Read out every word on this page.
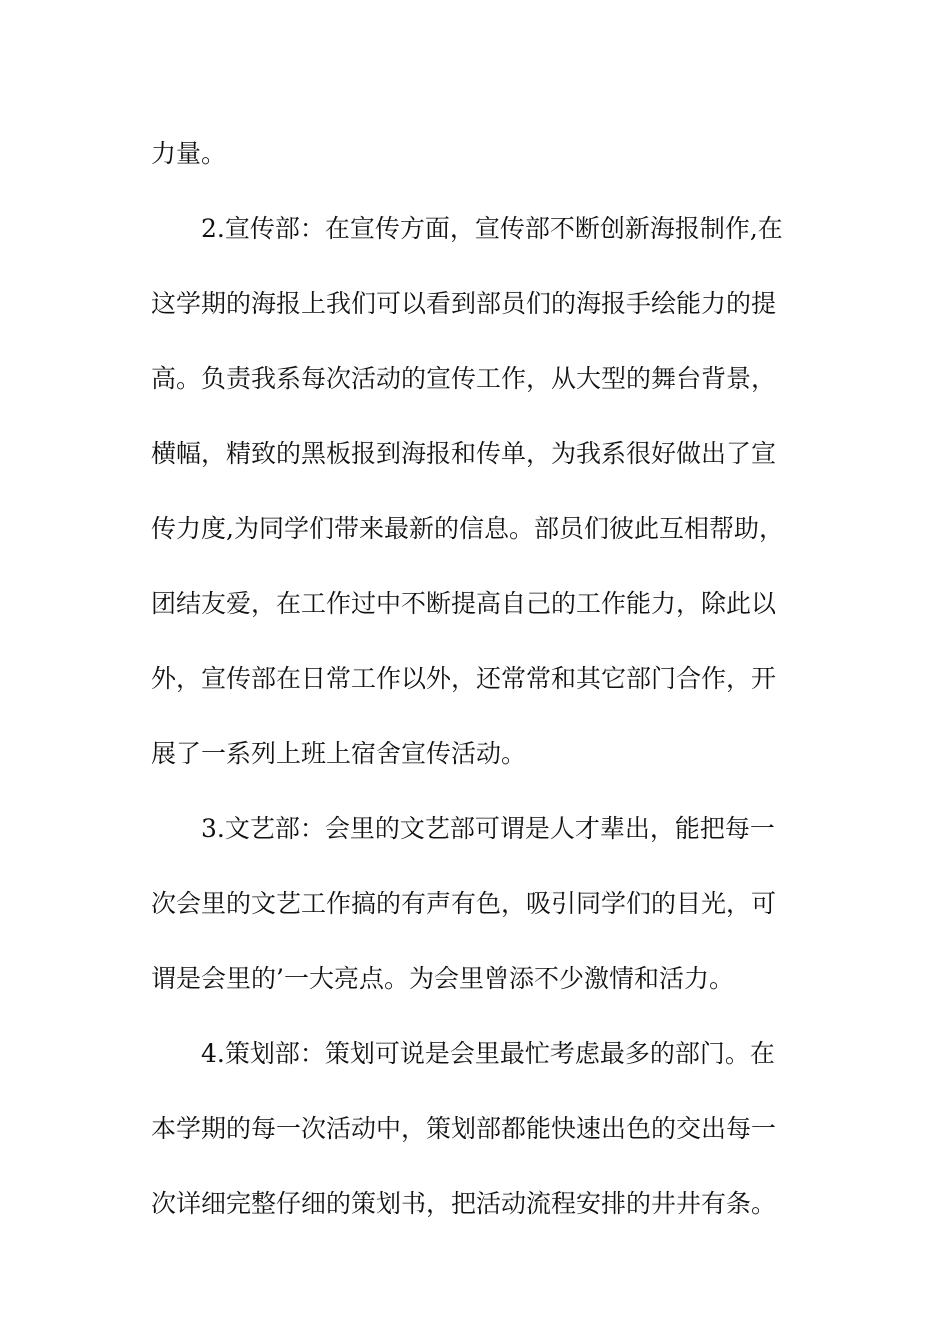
力量。
2.宣传部：在宣传方面，宣传部不断创新海报制作,在
这学期的海报上我们可以看到部员们的海报手绘能力的提
高。负责我系每次活动的宣传工作，从大型的舞台背景，
横幅，精致的黑板报到海报和传单，为我系很好做出了宣
传力度,为同学们带来最新的信息。部员们彼此互相帮助，
团结友爱，在工作过中不断提高自己的工作能力，除此以
外，宣传部在日常工作以外，还常常和其它部门合作，开
展了一系列上班上宿舍宣传活动。
3.文艺部：会里的文艺部可谓是人才辈出，能把每一
次会里的文艺工作搞的有声有色，吸引同学们的目光，可
谓是会里的’一大亮点。为会里曾添不少激情和活力。
4.策划部：策划可说是会里最忙考虑最多的部门。在
本学期的每一次活动中，策划部都能快速出色的交出每一
次详细完整仔细的策划书，把活动流程安排的井井有条。
